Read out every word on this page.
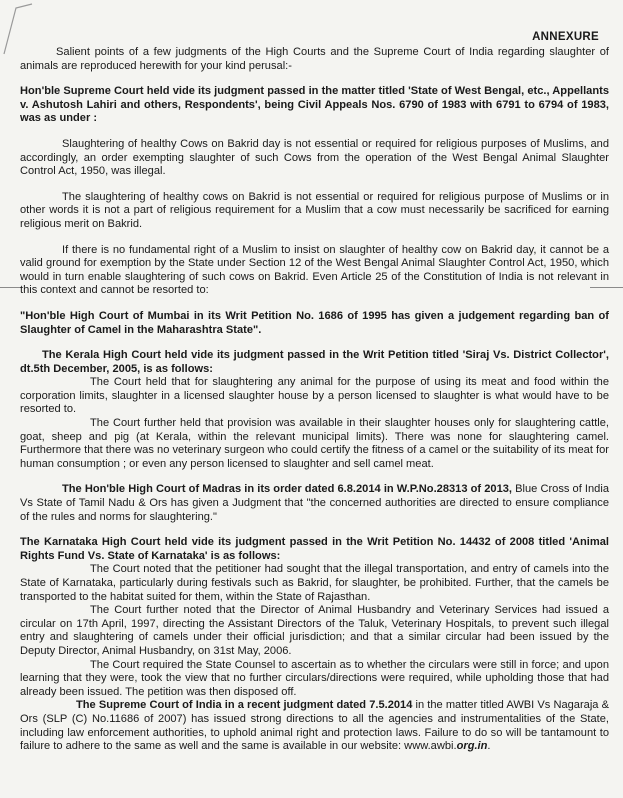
ANNEXURE

Salient points of a few judgments of the High Courts and the Supreme Court of India regarding slaughter of animals are reproduced herewith for your kind perusal:-

Hon'ble Supreme Court held vide its judgment passed in the matter titled 'State of West Bengal, etc., Appellants v. Ashutosh Lahiri and others, Respondents', being Civil Appeals Nos. 6790 of 1983 with 6791 to 6794 of 1983, was as under :

Slaughtering of healthy Cows on Bakrid day is not essential or required for religious purposes of Muslims, and accordingly, an order exempting slaughter of such Cows from the operation of the West Bengal Animal Slaughter Control Act, 1950, was illegal.

The slaughtering of healthy cows on Bakrid is not essential or required for religious purpose of Muslims or in other words it is not a part of religious requirement for a Muslim that a cow must necessarily be sacrificed for earning religious merit on Bakrid.

If there is no fundamental right of a Muslim to insist on slaughter of healthy cow on Bakrid day, it cannot be a valid ground for exemption by the State under Section 12 of the West Bengal Animal Slaughter Control Act, 1950, which would in turn enable slaughtering of such cows on Bakrid. Even Article 25 of the Constitution of India is not relevant in this context and cannot be resorted to:

"Hon'ble High Court of Mumbai in its Writ Petition No. 1686 of 1995 has given a judgement regarding ban of Slaughter of Camel in the Maharashtra State".

The Kerala High Court held vide its judgment passed in the Writ Petition titled 'Siraj Vs. District Collector', dt.5th December, 2005, is as follows:

The Court held that for slaughtering any animal for the purpose of using its meat and food within the corporation limits, slaughter in a licensed slaughter house by a person licensed to slaughter is what would have to be resorted to.

The Court further held that provision was available in their slaughter houses only for slaughtering cattle, goat, sheep and pig (at Kerala, within the relevant municipal limits). There was none for slaughtering camel. Furthermore that there was no veterinary surgeon who could certify the fitness of a camel or the suitability of its meat for human consumption ; or even any person licensed to slaughter and sell camel meat.

The Hon'ble High Court of Madras in its order dated 6.8.2014 in W.P.No.28313 of 2013, Blue Cross of India Vs State of Tamil Nadu & Ors has given a Judgment that "the concerned authorities are directed to ensure compliance of the rules and norms for slaughtering."

The Karnataka High Court held vide its judgment passed in the Writ Petition No. 14432 of 2008 titled 'Animal Rights Fund Vs. State of Karnataka' is as follows:

The Court noted that the petitioner had sought that the illegal transportation, and entry of camels into the State of Karnataka, particularly during festivals such as Bakrid, for slaughter, be prohibited. Further, that the camels be transported to the habitat suited for them, within the State of Rajasthan.

The Court further noted that the Director of Animal Husbandry and Veterinary Services had issued a circular on 17th April, 1997, directing the Assistant Directors of the Taluk, Veterinary Hospitals, to prevent such illegal entry and slaughtering of camels under their official jurisdiction; and that a similar circular had been issued by the Deputy Director, Animal Husbandry, on 31st May, 2006.

The Court required the State Counsel to ascertain as to whether the circulars were still in force; and upon learning that they were, took the view that no further circulars/directions were required, while upholding those that had already been issued. The petition was then disposed off.

The Supreme Court of India in a recent judgment dated 7.5.2014 in the matter titled AWBI Vs Nagaraja & Ors (SLP (C) No.11686 of 2007) has issued strong directions to all the agencies and instrumentalities of the State, including law enforcement authorities, to uphold animal right and protection laws. Failure to do so will be tantamount to failure to adhere to the same as well and the same is available in our website: www.awbi.org.in.
